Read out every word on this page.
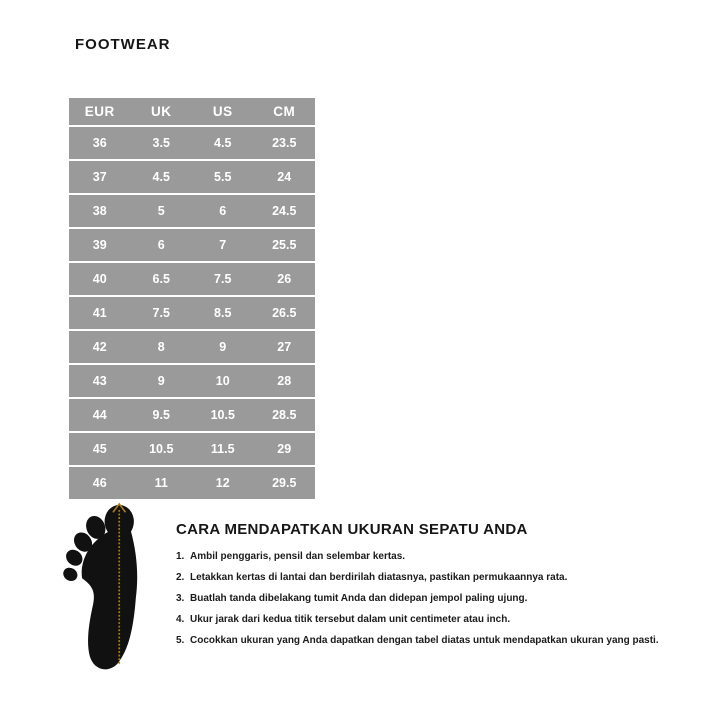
FOOTWEAR
EUR	UK	US	CM
36	3.5	4.5	23.5
37	4.5	5.5	24
38	5	6	24.5
39	6	7	25.5
40	6.5	7.5	26
41	7.5	8.5	26.5
42	8	9	27
43	9	10	28
44	9.5	10.5	28.5
45	10.5	11.5	29
46	11	12	29.5
CARA MENDAPATKAN UKURAN SEPATU ANDA
1. Ambil penggaris, pensil dan selembar kertas.
2. Letakkan kertas di lantai dan berdirilah diatasnya, pastikan permukaannya rata.
3. Buatlah tanda dibelakang tumit Anda dan didepan jempol paling ujung.
4. Ukur jarak dari kedua titik tersebut dalam unit centimeter atau inch.
5. Cocokkan ukuran yang Anda dapatkan dengan tabel diatas untuk mendapatkan ukuran yang pasti.
